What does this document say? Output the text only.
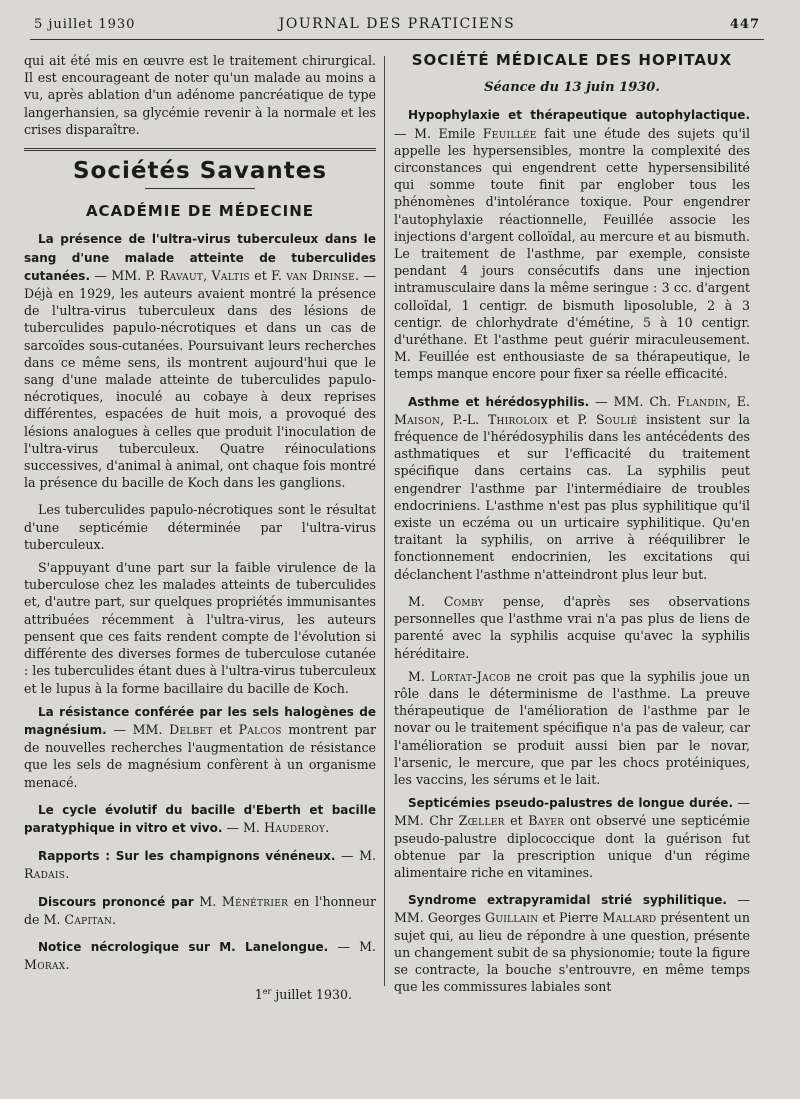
5 juillet 1930	JOURNAL DES PRATICIENS	447

qui ait été mis en œuvre est le traitement chirurgical. Il est encourageant de noter qu'un malade au moins a vu, après ablation d'un adénome pancréatique de type langerhansien, sa glycémie revenir à la normale et les crises disparaître.

Sociétés Savantes
ACADÉMIE DE MÉDECINE
La présence de l'ultra-virus tuberculeux dans le sang d'une malade atteinte de tuberculides cutanées. — MM. P. Ravaut, Valtis et F. van Drinse. — Déjà en 1929, les auteurs avaient montré la présence de l'ultra-virus tuberculeux dans des lésions de tuberculides papulo-nécrotiques et dans un cas de sarcoïdes sous-cutanées. Poursuivant leurs recherches dans ce même sens, ils montrent aujourd'hui que le sang d'une malade atteinte de tuberculides papulo-nécrotiques, inoculé au cobaye à deux reprises différentes, espacées de huit mois, a provoqué des lésions analogues à celles que produit l'inoculation de l'ultra-virus tuberculeux. Quatre réinoculations successives, d'animal à animal, ont chaque fois montré la présence du bacille de Koch dans les ganglions.

Les tuberculides papulo-nécrotiques sont le résultat d'une septicémie déterminée par l'ultra-virus tuberculeux.

S'appuyant d'une part sur la faible virulence de la tuberculose chez les malades atteints de tuberculides et, d'autre part, sur quelques propriétés immunisantes attribuées récemment à l'ultra-virus, les auteurs pensent que ces faits rendent compte de l'évolution si différente des diverses formes de tuberculose cutanée : les tuberculides étant dues à l'ultra-virus tuberculeux et le lupus à la forme bacillaire du bacille de Koch.

La résistance conférée par les sels halogènes de magnésium. — MM. Delbet et Palcos montrent par de nouvelles recherches l'augmentation de résistance que les sels de magnésium confèrent à un organisme menacé.
Le cycle évolutif du bacille d'Eberth et bacille paratyphique in vitro et vivo. — M. Hauderoy.
Rapports : Sur les champignons vénéneux. — M. Radais.
Discours prononcé par M. Ménétrier en l'honneur de M. Capitan.
Notice nécrologique sur M. Lanelongue. — M. Morax.
1er juillet 1930.
SOCIÉTÉ MÉDICALE DES HOPITAUX
Séance du 13 juin 1930.
Hypophylaxie et thérapeutique autophylactique. — M. Emile Feuillée fait une étude des sujets qu'il appelle les hypersensibles, montre la complexité des circonstances qui engendrent cette hypersensibilité qui somme toute finit par englober tous les phénomènes d'intolérance toxique. Pour engendrer l'autophylaxie réactionnelle, Feuillée associe les injections d'argent colloïdal, au mercure et au bismuth. Le traitement de l'asthme, par exemple, consiste pendant 4 jours consécutifs dans une injection intramusculaire dans la même seringue : 3 cc. d'argent colloïdal, 1 centigr. de bismuth liposoluble, 2 à 3 centigr. de chlorhydrate d'émétine, 5 à 10 centigr. d'uréthane. Et l'asthme peut guérir miraculeusement. M. Feuillée est enthousiaste de sa thérapeutique, le temps manque encore pour fixer sa réelle efficacité.
Asthme et hérédosyphilis. — MM. Ch. Flandin, E. Maison, P.-L. Thiroloix et P. Soulié insistent sur la fréquence de l'hérédosyphilis dans les antécédents des asthmatiques et sur l'efficacité du traitement spécifique dans certains cas. La syphilis peut engendrer l'asthme par l'intermédiaire de troubles endocriniens. L'asthme n'est pas plus syphilitique qu'il existe un eczéma ou un urticaire syphilitique. Qu'en traitant la syphilis, on arrive à rééquilibrer le fonctionnement endocrinien, les excitations qui déclanchent l'asthme n'atteindront plus leur but.

M. Comby pense, d'après ses observations personnelles que l'asthme vrai n'a pas plus de liens de parenté avec la syphilis acquise qu'avec la syphilis héréditaire.

M. Lortat-Jacob ne croit pas que la syphilis joue un rôle dans le déterminisme de l'asthme. La preuve thérapeutique de l'amélioration de l'asthme par le novar ou le traitement spécifique n'a pas de valeur, car l'amélioration se produit aussi bien par le novar, l'arsenic, le mercure, que par les chocs protéiniques, les vaccins, les sérums et le lait.

Septicémies pseudo-palustres de longue durée. — MM. Chr Zœller et Bayer ont observé une septicémie pseudo-palustre diplococcique dont la guérison fut obtenue par la prescription unique d'un régime alimentaire riche en vitamines.
Syndrome extrapyramidal strié syphilitique. — MM. Georges Guillain et Pierre Mallard présentent un sujet qui, au lieu de répondre à une question, présente un changement subit de sa physionomie; toute la figure se contracte, la bouche s'entrouvre, en même temps que les commissures labiales sont
